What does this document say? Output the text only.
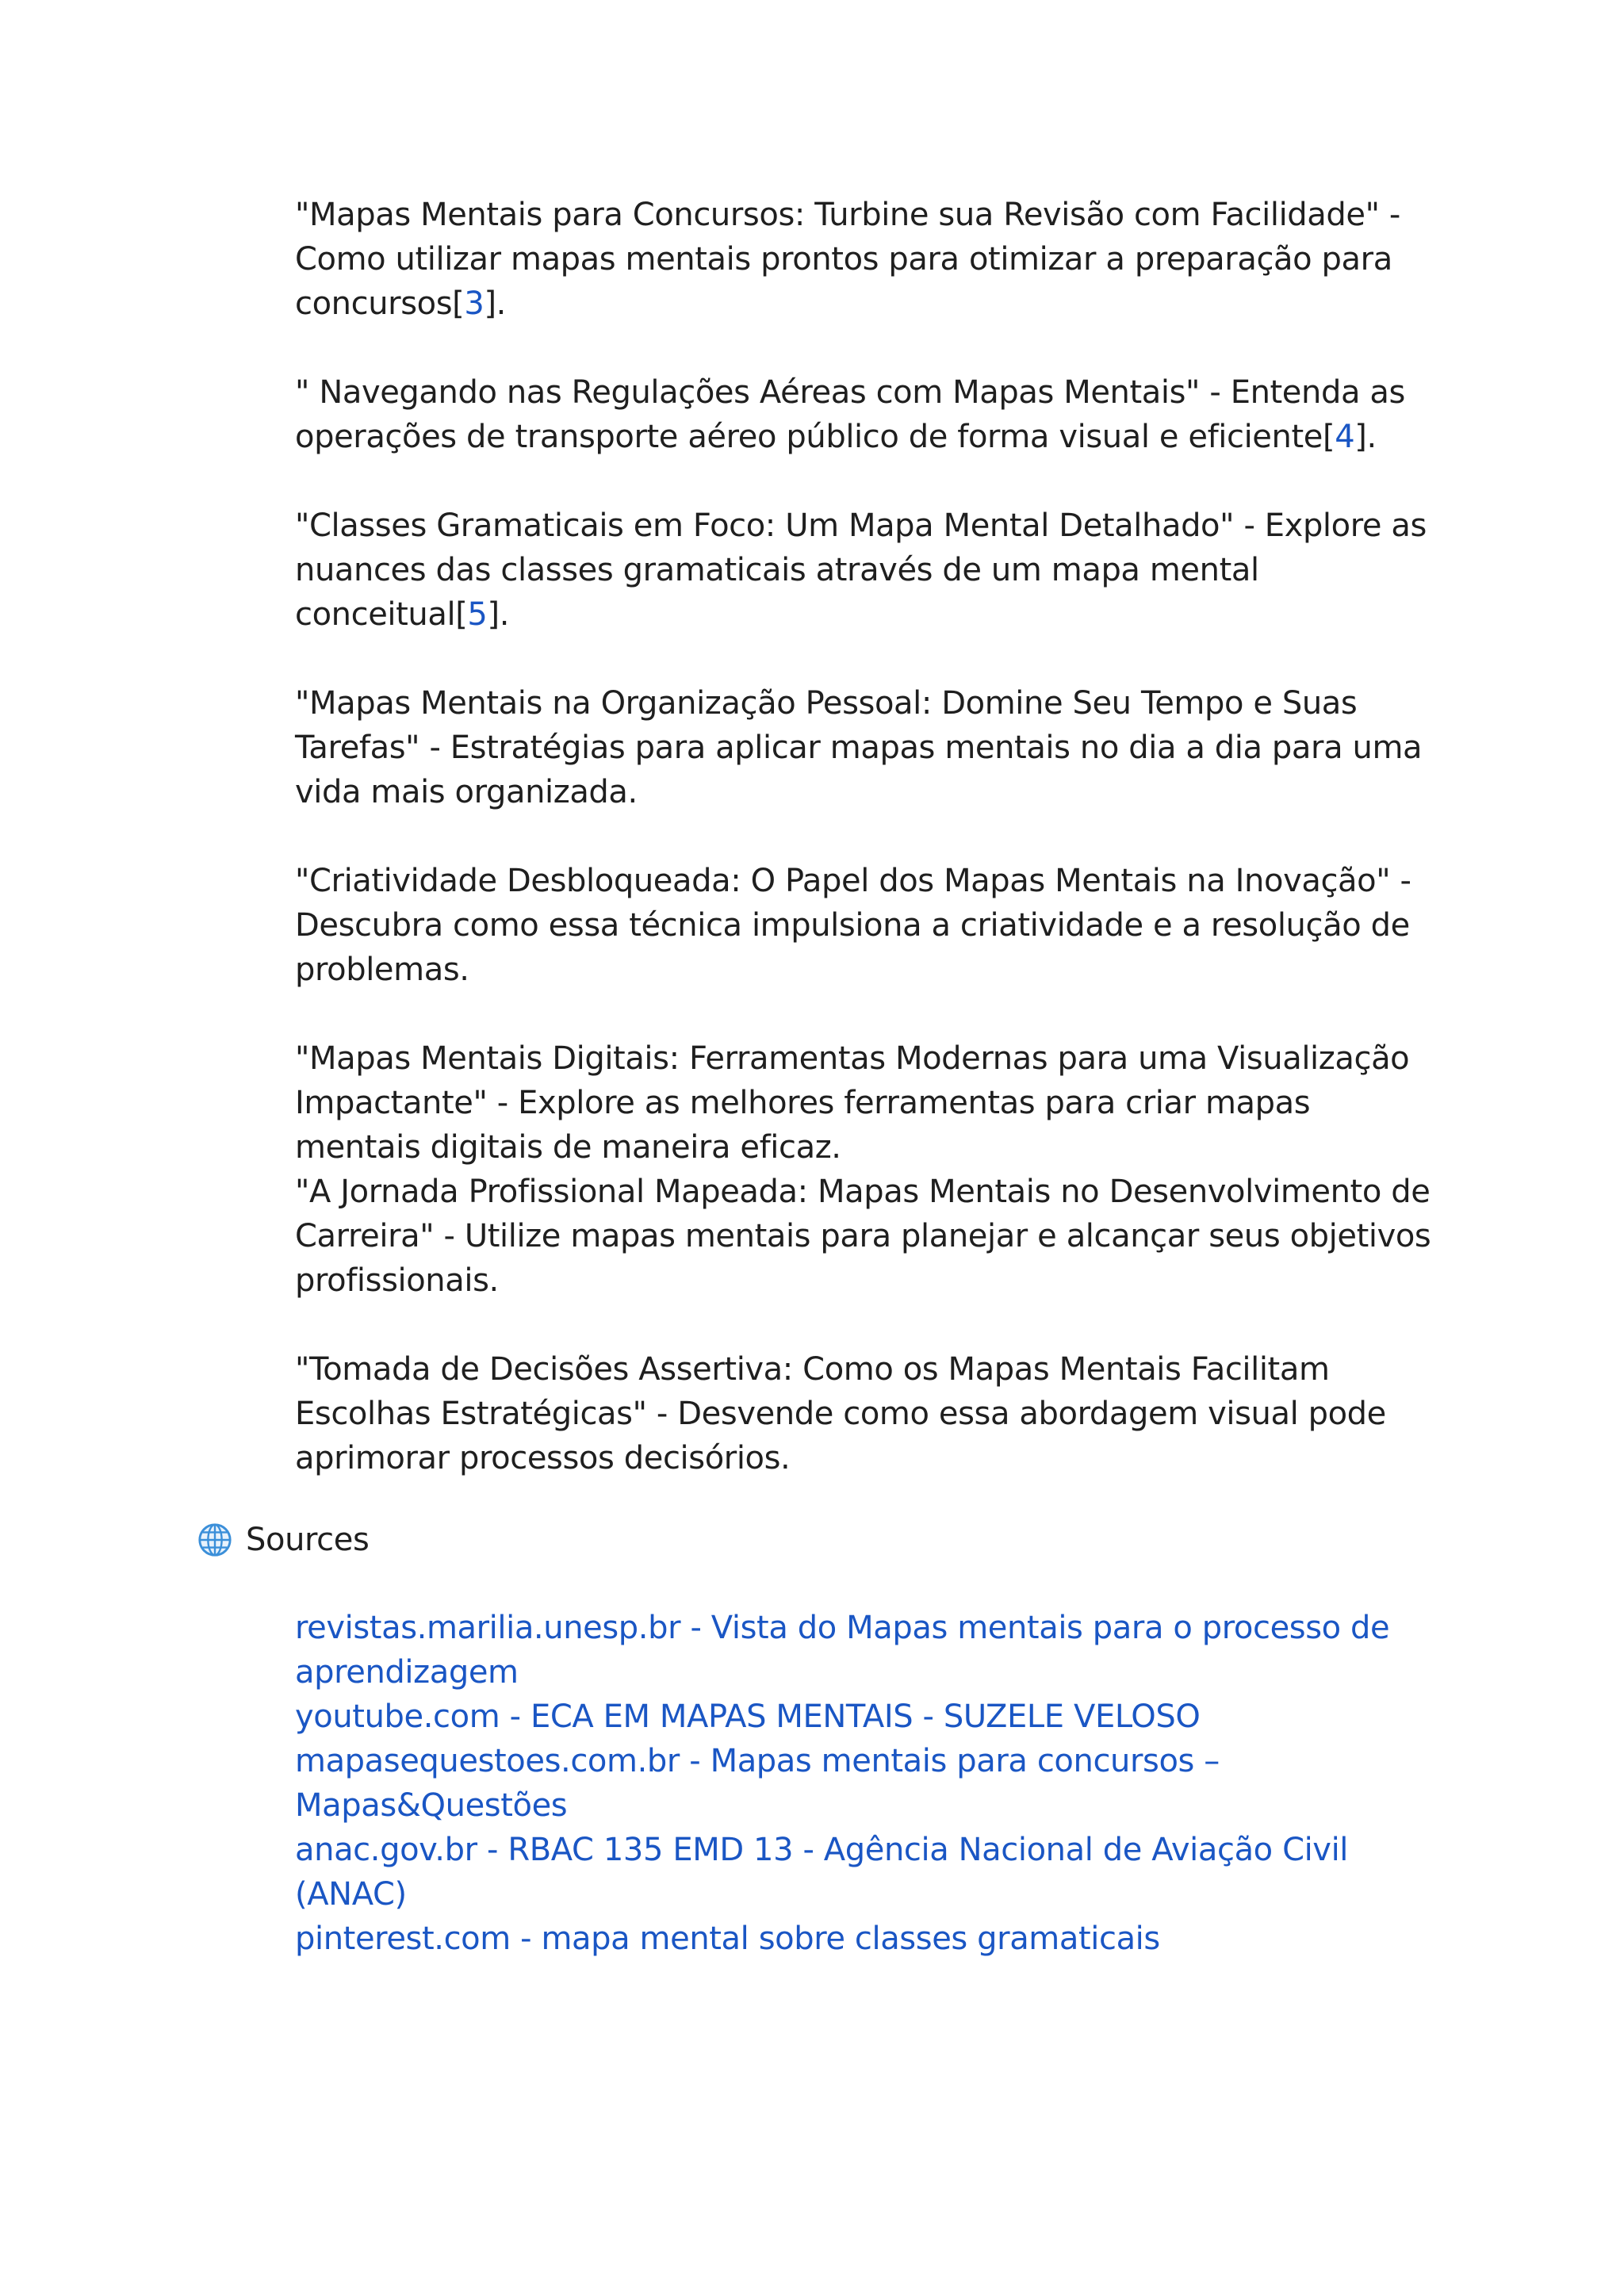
"Mapas Mentais para Concursos: Turbine sua Revisão com Facilidade" - Como utilizar mapas mentais prontos para otimizar a preparação para concursos[3].

" Navegando nas Regulações Aéreas com Mapas Mentais" - Entenda as operações de transporte aéreo público de forma visual e eficiente[4].

"Classes Gramaticais em Foco: Um Mapa Mental Detalhado" - Explore as nuances das classes gramaticais através de um mapa mental conceitual[5].

"Mapas Mentais na Organização Pessoal: Domine Seu Tempo e Suas Tarefas" - Estratégias para aplicar mapas mentais no dia a dia para uma vida mais organizada.

"Criatividade Desbloqueada: O Papel dos Mapas Mentais na Inovação" - Descubra como essa técnica impulsiona a criatividade e a resolução de problemas.

"Mapas Mentais Digitais: Ferramentas Modernas para uma Visualização Impactante" - Explore as melhores ferramentas para criar mapas mentais digitais de maneira eficaz.

"A Jornada Profissional Mapeada: Mapas Mentais no Desenvolvimento de Carreira" - Utilize mapas mentais para planejar e alcançar seus objetivos profissionais.

"Tomada de Decisões Assertiva: Como os Mapas Mentais Facilitam Escolhas Estratégicas" - Desvende como essa abordagem visual pode aprimorar processos decisórios.

Sources
revistas.marilia.unesp.br - Vista do Mapas mentais para o processo de aprendizagem
youtube.com - ECA EM MAPAS MENTAIS - SUZELE VELOSO
mapasequestoes.com.br - Mapas mentais para concursos – Mapas&Questões
anac.gov.br - RBAC 135 EMD 13 - Agência Nacional de Aviação Civil (ANAC)
pinterest.com - mapa mental sobre classes gramaticais
